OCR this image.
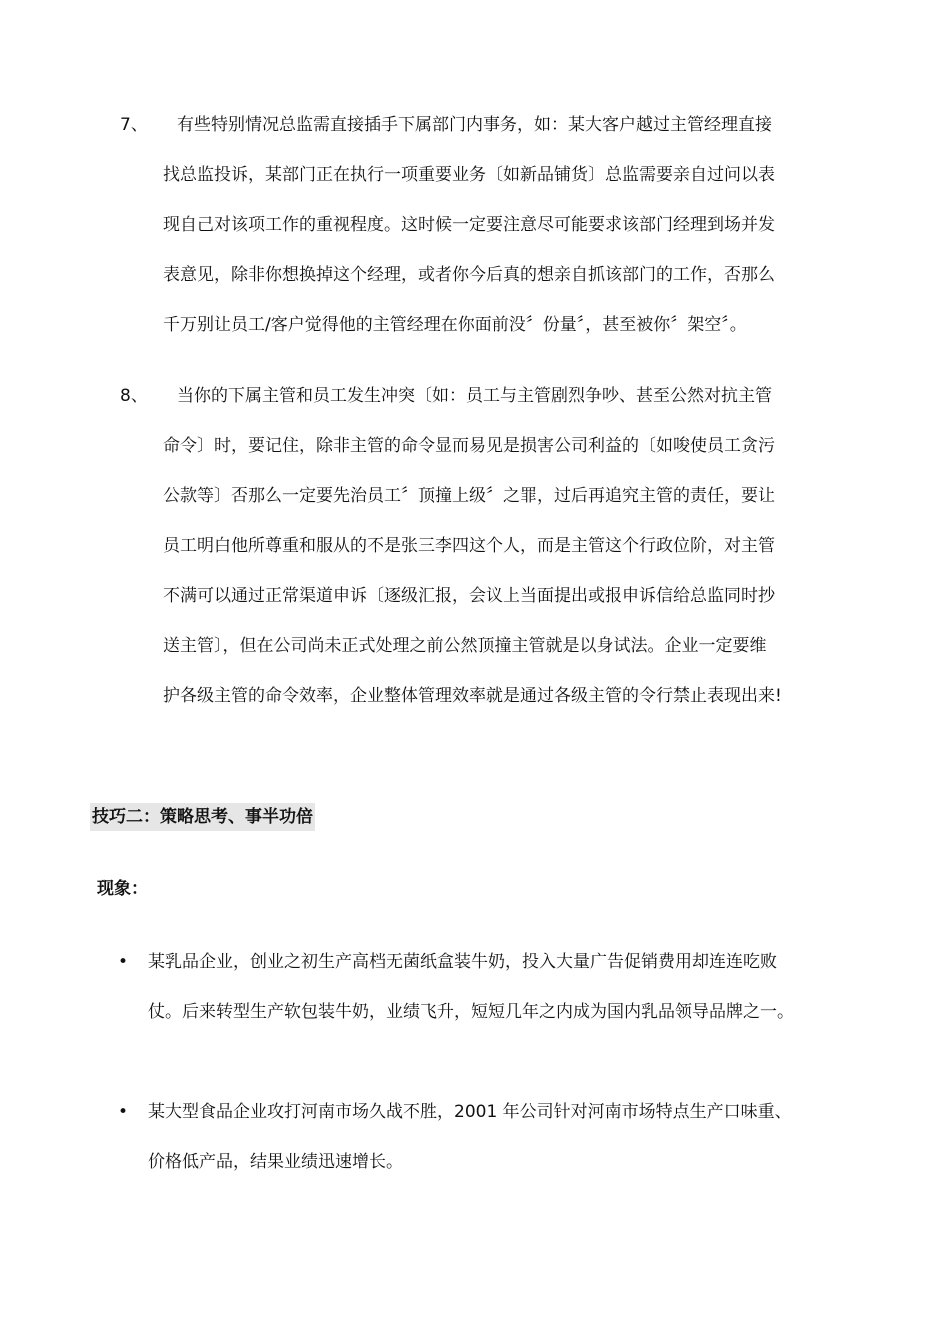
7、	有些特别情况总监需直接插手下属部门内事务，如：某大客户越过主管经理直接
找总监投诉，某部门正在执行一项重要业务〔如新品铺货〕总监需要亲自过问以表
现自己对该项工作的重视程度。这时候一定要注意尽可能要求该部门经理到场并发
表意见，除非你想换掉这个经理，或者你今后真的想亲自抓该部门的工作，否那么
千万别让员工/客户觉得他的主管经理在你面前没〞份量〞，甚至被你〞架空〞。
8、	当你的下属主管和员工发生冲突〔如：员工与主管剧烈争吵、甚至公然对抗主管
命令〕时，要记住，除非主管的命令显而易见是损害公司利益的〔如唆使员工贪污
公款等〕否那么一定要先治员工〞顶撞上级〞之罪，过后再追究主管的责任，要让
员工明白他所尊重和服从的不是张三李四这个人，而是主管这个行政位阶，对主管
不满可以通过正常渠道申诉〔逐级汇报，会议上当面提出或报申诉信给总监同时抄
送主管〕，但在公司尚未正式处理之前公然顶撞主管就是以身试法。企业一定要维
护各级主管的命令效率，企业整体管理效率就是通过各级主管的令行禁止表现出来!
技巧二：策略思考、事半功倍
现象：
• 某乳品企业，创业之初生产高档无菌纸盒装牛奶，投入大量广告促销费用却连连吃败
仗。后来转型生产软包装牛奶，业绩飞升，短短几年之内成为国内乳品领导品牌之一。
• 某大型食品企业攻打河南市场久战不胜，2001 年公司针对河南市场特点生产口味重、
价格低产品，结果业绩迅速增长。
